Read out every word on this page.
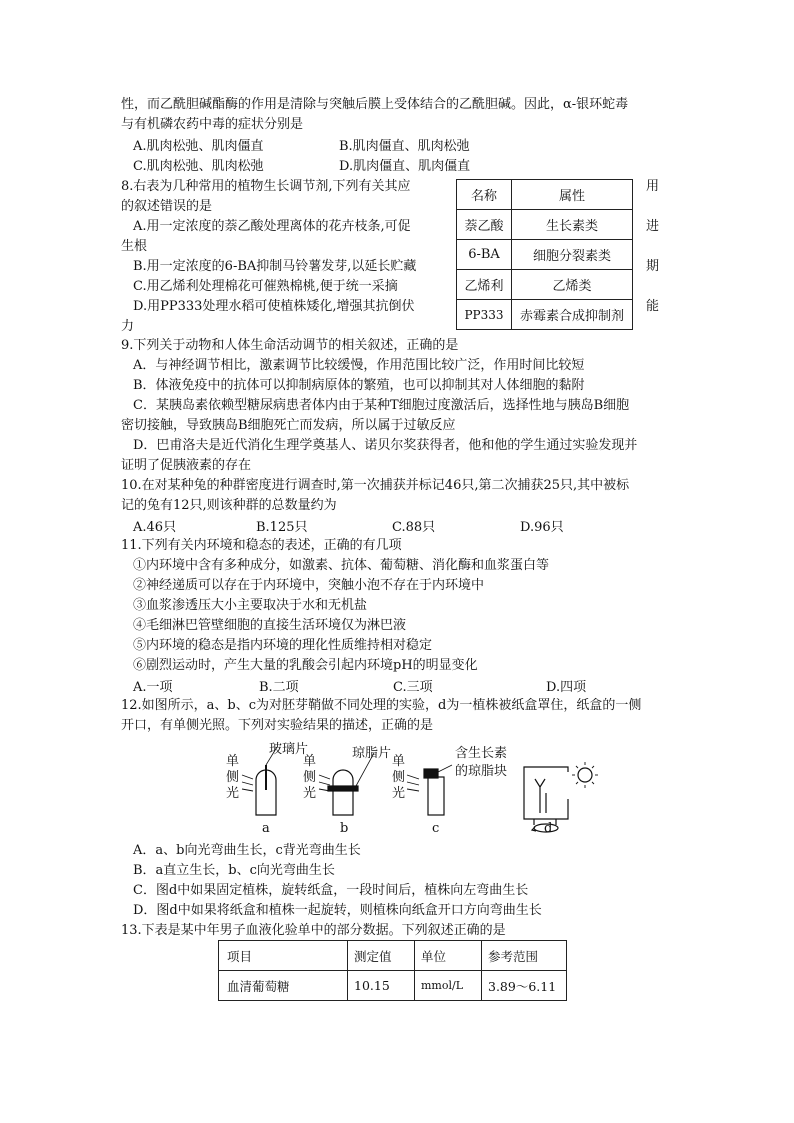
性，而乙酰胆碱酯酶的作用是清除与突触后膜上受体结合的乙酰胆碱。因此，α-银环蛇毒
与有机磷农药中毒的症状分别是
A.肌肉松弛、肌肉僵直	B.肌肉僵直、肌肉松弛
C.肌肉松弛、肌肉松弛	D.肌肉僵直、肌肉僵直
8.右表为几种常用的植物生长调节剂,下列有关其应
的叙述错误的是
A.用一定浓度的萘乙酸处理离体的花卉枝条,可促
生根
B.用一定浓度的6-BA抑制马铃薯发芽,以延长贮藏
C.用乙烯利处理棉花可催熟棉桃,便于统一采摘
D.用PP333处理水稻可使植株矮化,增强其抗倒伏
力
名称	属性
萘乙酸	生长素类
6-BA	细胞分裂素类
乙烯利	乙烯类
PP333	赤霉素合成抑制剂
用
进
期
能
9.下列关于动物和人体生命活动调节的相关叙述，正确的是
A．与神经调节相比，激素调节比较缓慢，作用范围比较广泛，作用时间比较短
B．体液免疫中的抗体可以抑制病原体的繁殖，也可以抑制其对人体细胞的黏附
C．某胰岛素依赖型糖尿病患者体内由于某种T细胞过度激活后，选择性地与胰岛B细胞
密切接触，导致胰岛B细胞死亡而发病，所以属于过敏反应
D．巴甫洛夫是近代消化生理学奠基人、诺贝尔奖获得者，他和他的学生通过实验发现并
证明了促胰液素的存在
10.在对某种兔的种群密度进行调查时,第一次捕获并标记46只,第二次捕获25只,其中被标
记的兔有12只,则该种群的总数量约为
A.46只	B.125只	C.88只	D.96只
11.下列有关内环境和稳态的表述，正确的有几项
①内环境中含有多种成分，如激素、抗体、葡萄糖、消化酶和血浆蛋白等
②神经递质可以存在于内环境中，突触小泡不存在于内环境中
③血浆渗透压大小主要取决于水和无机盐
④毛细淋巴管壁细胞的直接生活环境仅为淋巴液
⑤内环境的稳态是指内环境的理化性质维持相对稳定
⑥剧烈运动时，产生大量的乳酸会引起内环境pH的明显变化
A.一项	B.二项	C.三项	D.四项
12.如图所示，a、b、c为对胚芽鞘做不同处理的实验，d为一植株被纸盒罩住，纸盒的一侧
开口，有单侧光照。下列对实验结果的描述，正确的是
单
侧
光
单
侧
光
单
侧
光
玻璃片	琼脂片	含生长素
的琼脂块
a	b	c	d
A．a、b向光弯曲生长，c背光弯曲生长
B．a直立生长，b、c向光弯曲生长
C．图d中如果固定植株，旋转纸盒，一段时间后，植株向左弯曲生长
D．图d中如果将纸盒和植株一起旋转，则植株向纸盒开口方向弯曲生长
13.下表是某中年男子血液化验单中的部分数据。下列叙述正确的是
项目	测定值	单位	参考范围
血清葡萄糖	10.15	mmol/L	3.89～6.11
